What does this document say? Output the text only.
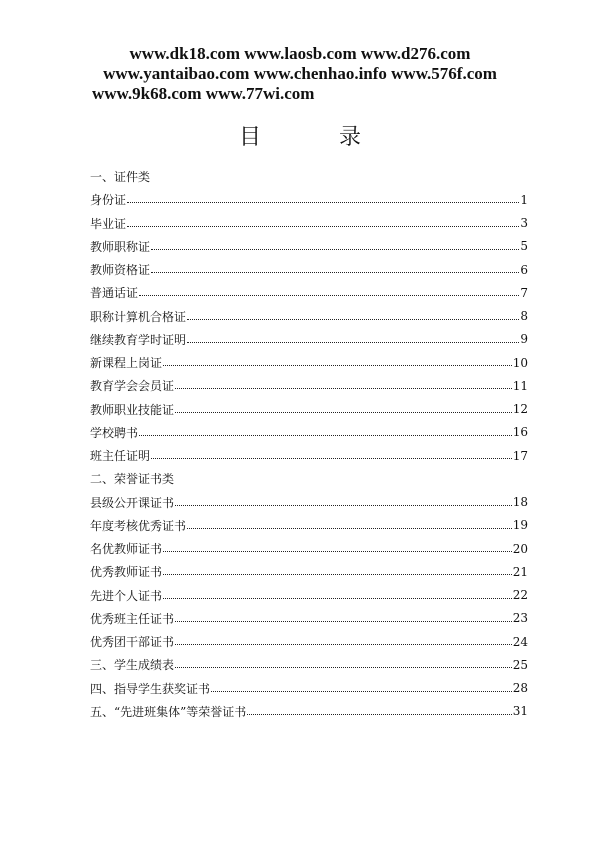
www.dk18.com www.laosb.com www.d276.com
www.yantaibao.com www.chenhao.info www.576f.com
www.9k68.com www.77wi.com
目录
一、证件类
身份证	1
毕业证	3
教师职称证	5
教师资格证	6
普通话证	7
职称计算机合格证	8
继续教育学时证明	9
新课程上岗证	10
教育学会会员证	11
教师职业技能证	12
学校聘书	16
班主任证明	17
二、荣誉证书类
县级公开课证书	18
年度考核优秀证书	19
名优教师证书	20
优秀教师证书	21
先进个人证书	22
优秀班主任证书	23
优秀团干部证书	24
三、学生成绩表	25
四、指导学生获奖证书	28
五、“先进班集体”等荣誉证书	31
